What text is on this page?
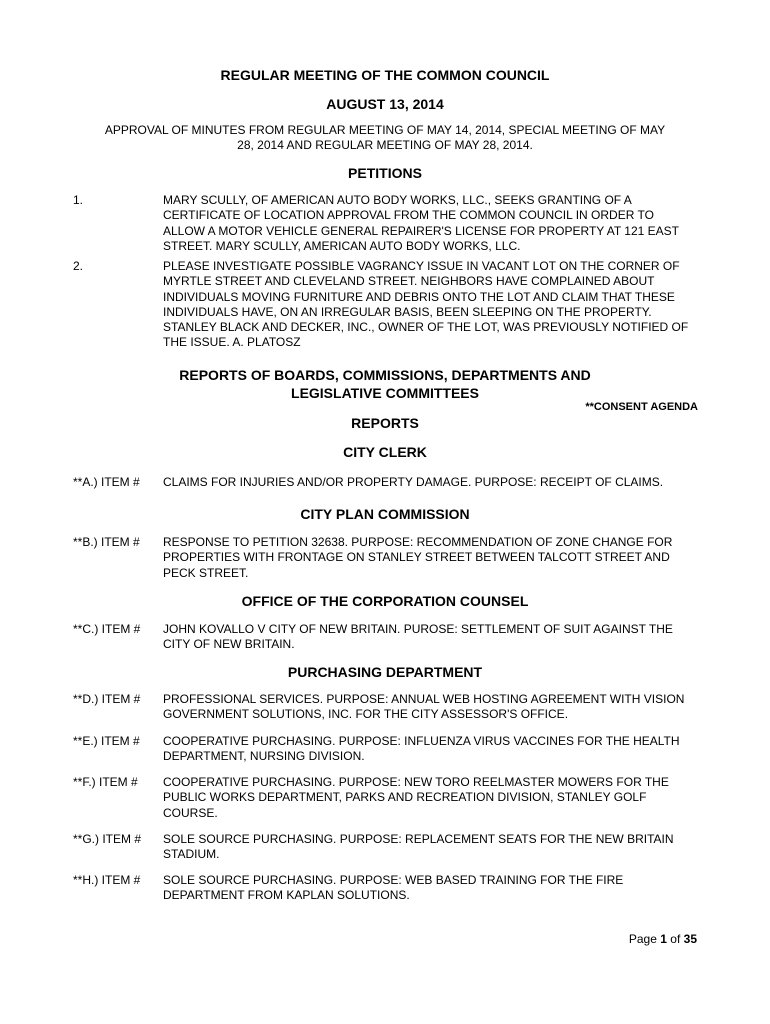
REGULAR MEETING OF THE COMMON COUNCIL
AUGUST 13, 2014
APPROVAL OF MINUTES FROM REGULAR MEETING OF MAY 14, 2014, SPECIAL MEETING OF MAY 28, 2014 AND REGULAR MEETING OF MAY 28, 2014.
PETITIONS
1.	MARY SCULLY, OF AMERICAN AUTO BODY WORKS, LLC., SEEKS GRANTING OF A CERTIFICATE OF LOCATION APPROVAL FROM THE COMMON COUNCIL IN ORDER TO ALLOW A MOTOR VEHICLE GENERAL REPAIRER'S LICENSE FOR PROPERTY AT 121 EAST STREET. MARY SCULLY, AMERICAN AUTO BODY WORKS, LLC.
2.	PLEASE INVESTIGATE POSSIBLE VAGRANCY ISSUE IN VACANT LOT ON THE CORNER OF MYRTLE STREET AND CLEVELAND STREET. NEIGHBORS HAVE COMPLAINED ABOUT INDIVIDUALS MOVING FURNITURE AND DEBRIS ONTO THE LOT AND CLAIM THAT THESE INDIVIDUALS HAVE, ON AN IRREGULAR BASIS, BEEN SLEEPING ON THE PROPERTY. STANLEY BLACK AND DECKER, INC., OWNER OF THE LOT, WAS PREVIOUSLY NOTIFIED OF THE ISSUE. A. PLATOSZ
REPORTS OF BOARDS, COMMISSIONS, DEPARTMENTS AND LEGISLATIVE COMMITTEES
**CONSENT AGENDA
REPORTS
CITY CLERK
**A.) ITEM # CLAIMS FOR INJURIES AND/OR PROPERTY DAMAGE. PURPOSE: RECEIPT OF CLAIMS.
CITY PLAN COMMISSION
**B.) ITEM # RESPONSE TO PETITION 32638. PURPOSE: RECOMMENDATION OF ZONE CHANGE FOR PROPERTIES WITH FRONTAGE ON STANLEY STREET BETWEEN TALCOTT STREET AND PECK STREET.
OFFICE OF THE CORPORATION COUNSEL
**C.) ITEM # JOHN KOVALLO V CITY OF NEW BRITAIN. PUROSE: SETTLEMENT OF SUIT AGAINST THE CITY OF NEW BRITAIN.
PURCHASING DEPARTMENT
**D.) ITEM # PROFESSIONAL SERVICES. PURPOSE: ANNUAL WEB HOSTING AGREEMENT WITH VISION GOVERNMENT SOLUTIONS, INC. FOR THE CITY ASSESSOR'S OFFICE.
**E.) ITEM # COOPERATIVE PURCHASING. PURPOSE: INFLUENZA VIRUS VACCINES FOR THE HEALTH DEPARTMENT, NURSING DIVISION.
**F.) ITEM # COOPERATIVE PURCHASING. PURPOSE: NEW TORO REELMASTER MOWERS FOR THE PUBLIC WORKS DEPARTMENT, PARKS AND RECREATION DIVISION, STANLEY GOLF COURSE.
**G.) ITEM # SOLE SOURCE PURCHASING. PURPOSE: REPLACEMENT SEATS FOR THE NEW BRITAIN STADIUM.
**H.) ITEM # SOLE SOURCE PURCHASING. PURPOSE: WEB BASED TRAINING FOR THE FIRE DEPARTMENT FROM KAPLAN SOLUTIONS.
Page 1 of 35
